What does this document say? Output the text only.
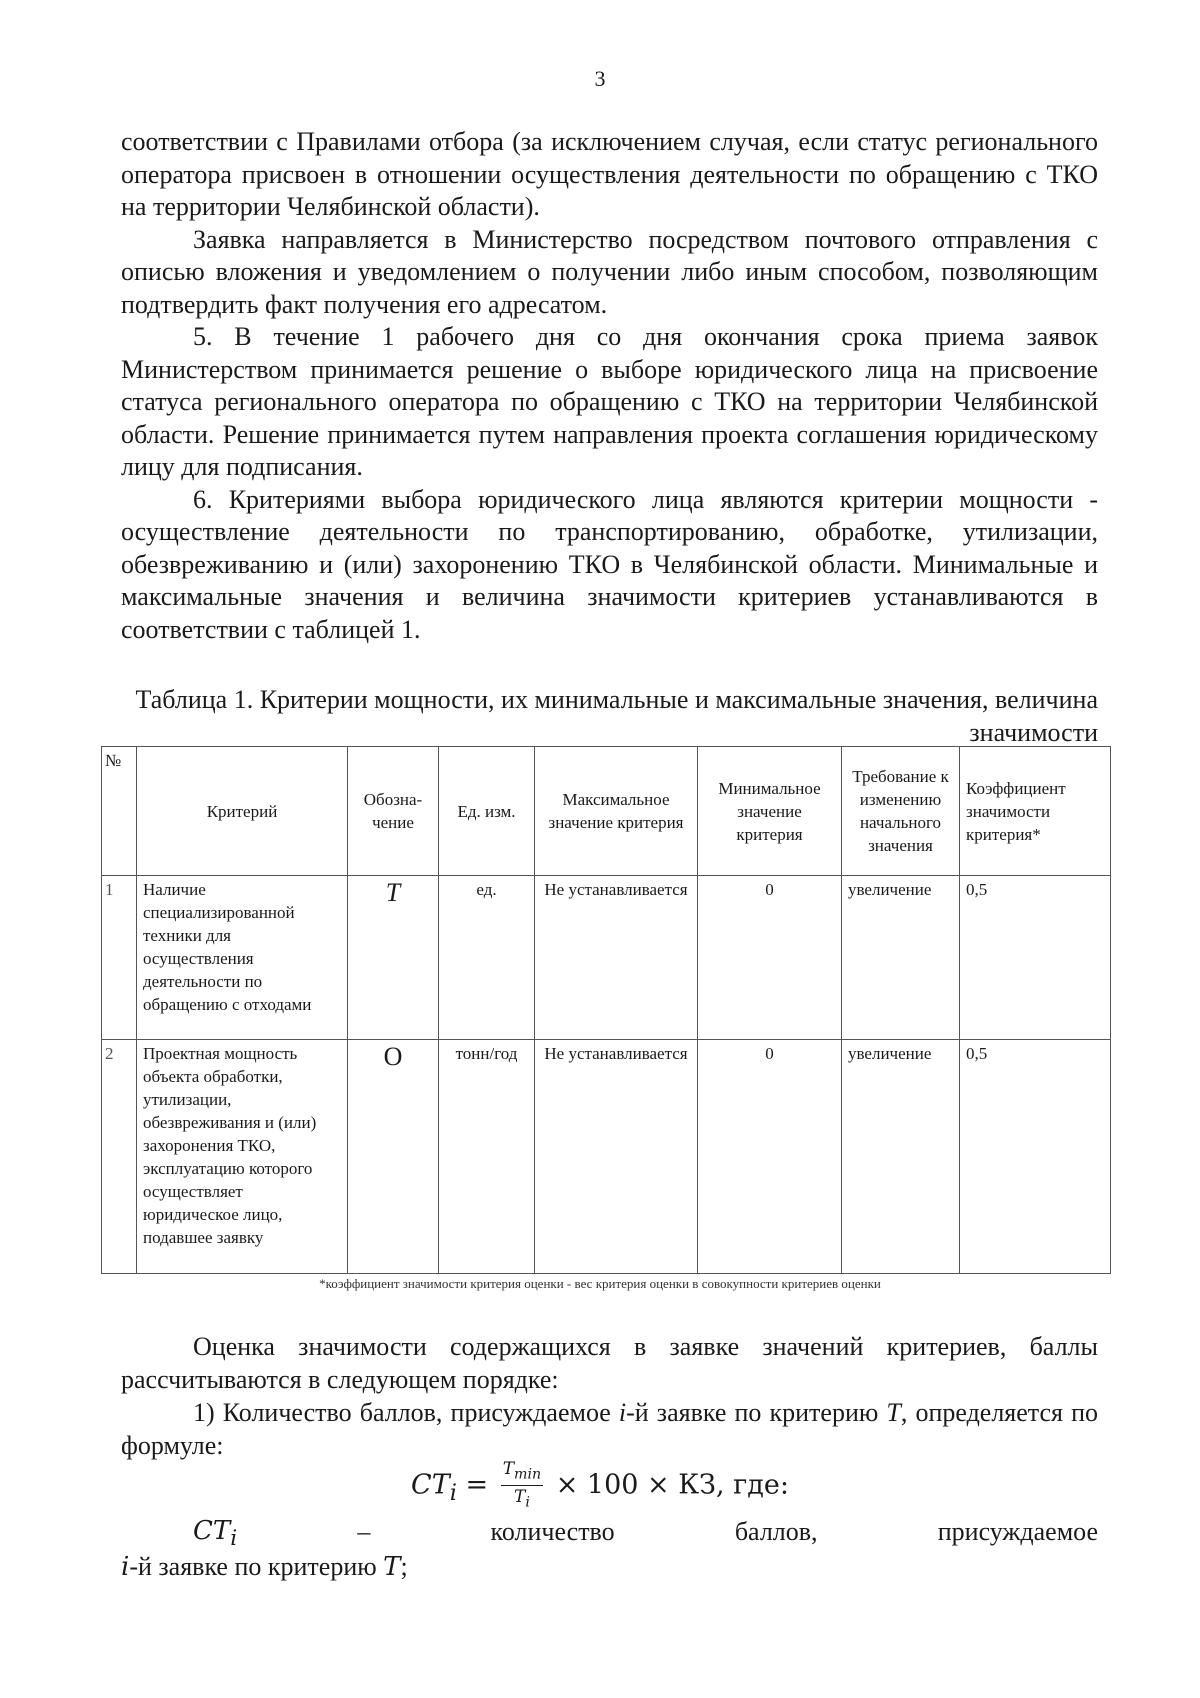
3

соответствии с Правилами отбора (за исключением случая, если статус регионального оператора присвоен в отношении осуществления деятельности по обращению с ТКО на территории Челябинской области).

Заявка направляется в Министерство посредством почтового отправления с описью вложения и уведомлением о получении либо иным способом, позволяющим подтвердить факт получения его адресатом.

5. В течение 1 рабочего дня со дня окончания срока приема заявок Министерством принимается решение о выборе юридического лица на присвоение статуса регионального оператора по обращению с ТКО на территории Челябинской области. Решение принимается путем направления проекта соглашения юридическому лицу для подписания.

6. Критериями выбора юридического лица являются критерии мощности - осуществление деятельности по транспортированию, обработке, утилизации, обезвреживанию и (или) захоронению ТКО в Челябинской области. Минимальные и максимальные значения и величина значимости критериев устанавливаются в соответствии с таблицей 1.

Таблица 1. Критерии мощности, их минимальные и максимальные значения, величина значимости
№	Критерий	Обозна-чение	Ед. изм.	Максимальное значение критерия	Минимальное значение критерия	Требование к изменению начального значения	Коэффициент значимости критерия*
1	Наличие специализированной техники для осуществления деятельности по обращению с отходами	T	ед.	Не устанавливается	0	увеличение	0,5
2	Проектная мощность объекта обработки, утилизации, обезвреживания и (или) захоронения ТКО, эксплуатацию которого осуществляет юридическое лицо, подавшее заявку	O	тонн/год	Не устанавливается	0	увеличение	0,5
*коэффициент значимости критерия оценки - вес критерия оценки в совокупности критериев оценки

Оценка значимости содержащихся в заявке значений критериев, баллы рассчитываются в следующем порядке:

1) Количество баллов, присуждаемое i-й заявке по критерию T, определяется по формуле:

$CT_i$ =
$T_{min}$
$T_i$
× 100 × КЗ, где:
$CT_i$	–	количество	баллов,	присуждаемое
i-й заявке по критерию T;
